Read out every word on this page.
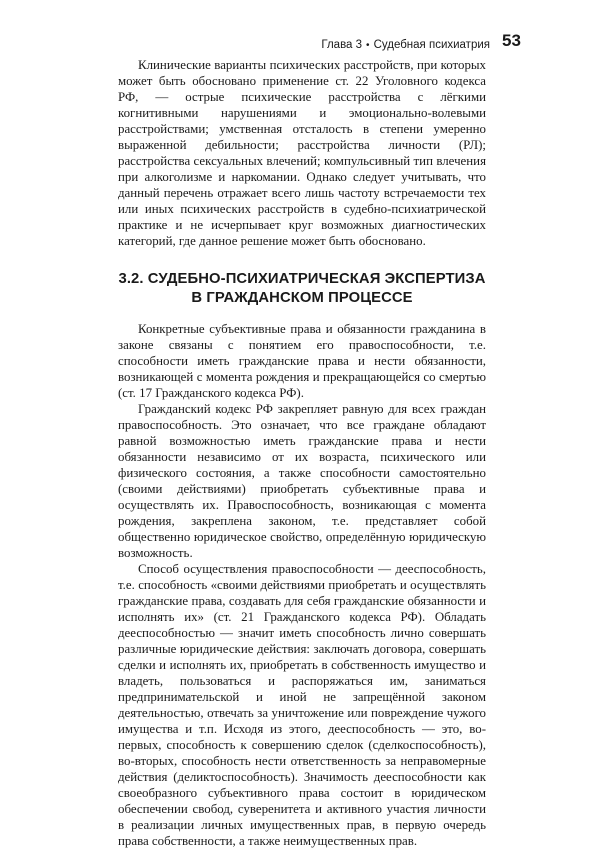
Глава 3 • Судебная психиатрия 53

Клинические варианты психических расстройств, при которых может быть обосновано применение ст. 22 Уголовного кодекса РФ, — острые психические расстройства с лёгкими когнитивными нарушениями и эмоционально-волевыми расстройствами; умственная отсталость в степени умеренно выраженной дебильности; расстройства личности (РЛ); расстройства сексуальных влечений; компульсивный тип влечения при алкоголизме и наркомании. Однако следует учитывать, что данный перечень отражает всего лишь частоту встречаемости тех или иных психических расстройств в судебно-психиатрической практике и не исчерпывает круг возможных диагностических категорий, где данное решение может быть обосновано.

3.2. СУДЕБНО-ПСИХИАТРИЧЕСКАЯ ЭКСПЕРТИЗА
В ГРАЖДАНСКОМ ПРОЦЕССЕ

Конкретные субъективные права и обязанности гражданина в законе связаны с понятием его правоспособности, т.е. способности иметь гражданские права и нести обязанности, возникающей с момента рождения и прекращающейся со смертью (ст. 17 Гражданского кодекса РФ).

Гражданский кодекс РФ закрепляет равную для всех граждан правоспособность. Это означает, что все граждане обладают равной возможностью иметь гражданские права и нести обязанности независимо от их возраста, психического или физического состояния, а также способности самостоятельно (своими действиями) приобретать субъективные права и осуществлять их. Правоспособность, возникающая с момента рождения, закреплена законом, т.е. представляет собой общественно юридическое свойство, определённую юридическую возможность.

Способ осуществления правоспособности — дееспособность, т.е. способность «своими действиями приобретать и осуществлять гражданские права, создавать для себя гражданские обязанности и исполнять их» (ст. 21 Гражданского кодекса РФ). Обладать дееспособностью — значит иметь способность лично совершать различные юридические действия: заключать договора, совершать сделки и исполнять их, приобретать в собственность имущество и владеть, пользоваться и распоряжаться им, заниматься предпринимательской и иной не запрещённой законом деятельностью, отвечать за уничтожение или повреждение чужого имущества и т.п. Исходя из этого, дееспособность — это, во-первых, способность к совершению сделок (сделкоспособность), во-вторых, способность нести ответственность за неправомерные действия (деликтоспособность). Значимость дееспособности как своеобразного субъективного права состоит в юридическом обеспечении свобод, суверенитета и активного участия личности в реализации личных имущественных прав, в первую очередь права собственности, а также неимущественных прав.
